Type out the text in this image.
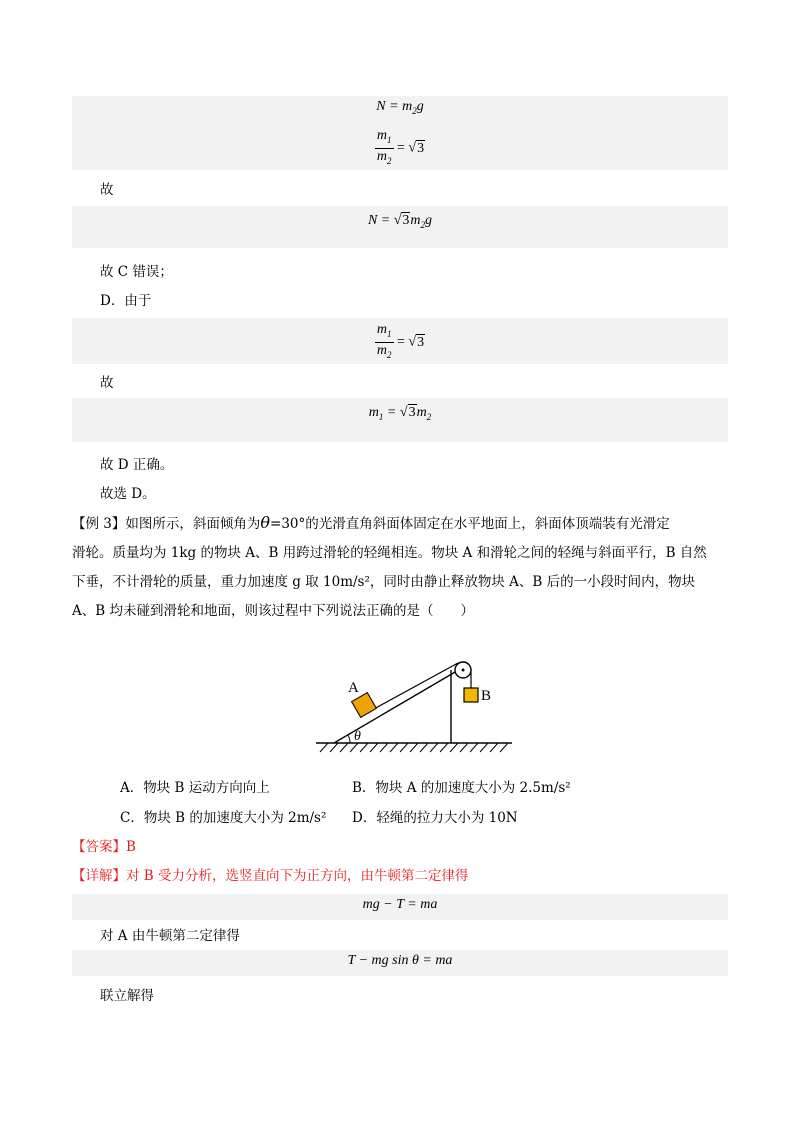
$N = m_2g$
$\frac{m_1}{m_2} = √3$
$N = √3m_2g$
$\frac{m_1}{m_2} = √3$
$m_1 = √3m_2$
mg − T = ma
T − mg sin θ = ma
故
故 C 错误；
D．由于
故
故 D 正确。
故选 D。
【例 3】如图所示，斜面倾角为θ=30°的光滑直角斜面体固定在水平地面上，斜面体顶端装有光滑定
滑轮。质量均为 1kg 的物块 A、B 用跨过滑轮的轻绳相连。物块 A 和滑轮之间的轻绳与斜面平行，B 自然
下垂，不计滑轮的质量，重力加速度 g 取 10m/s²，同时由静止释放物块 A、B 后的一小段时间内，物块
A、B 均未碰到滑轮和地面，则该过程中下列说法正确的是（　　）
A	B
θ
A．物块 B 运动方向向上	B．物块 A 的加速度大小为 2.5m/s²
C．物块 B 的加速度大小为 2m/s² D．轻绳的拉力大小为 10N
【答案】B
【详解】对 B 受力分析，选竖直向下为正方向，由牛顿第二定律得
对 A 由牛顿第二定律得
联立解得
